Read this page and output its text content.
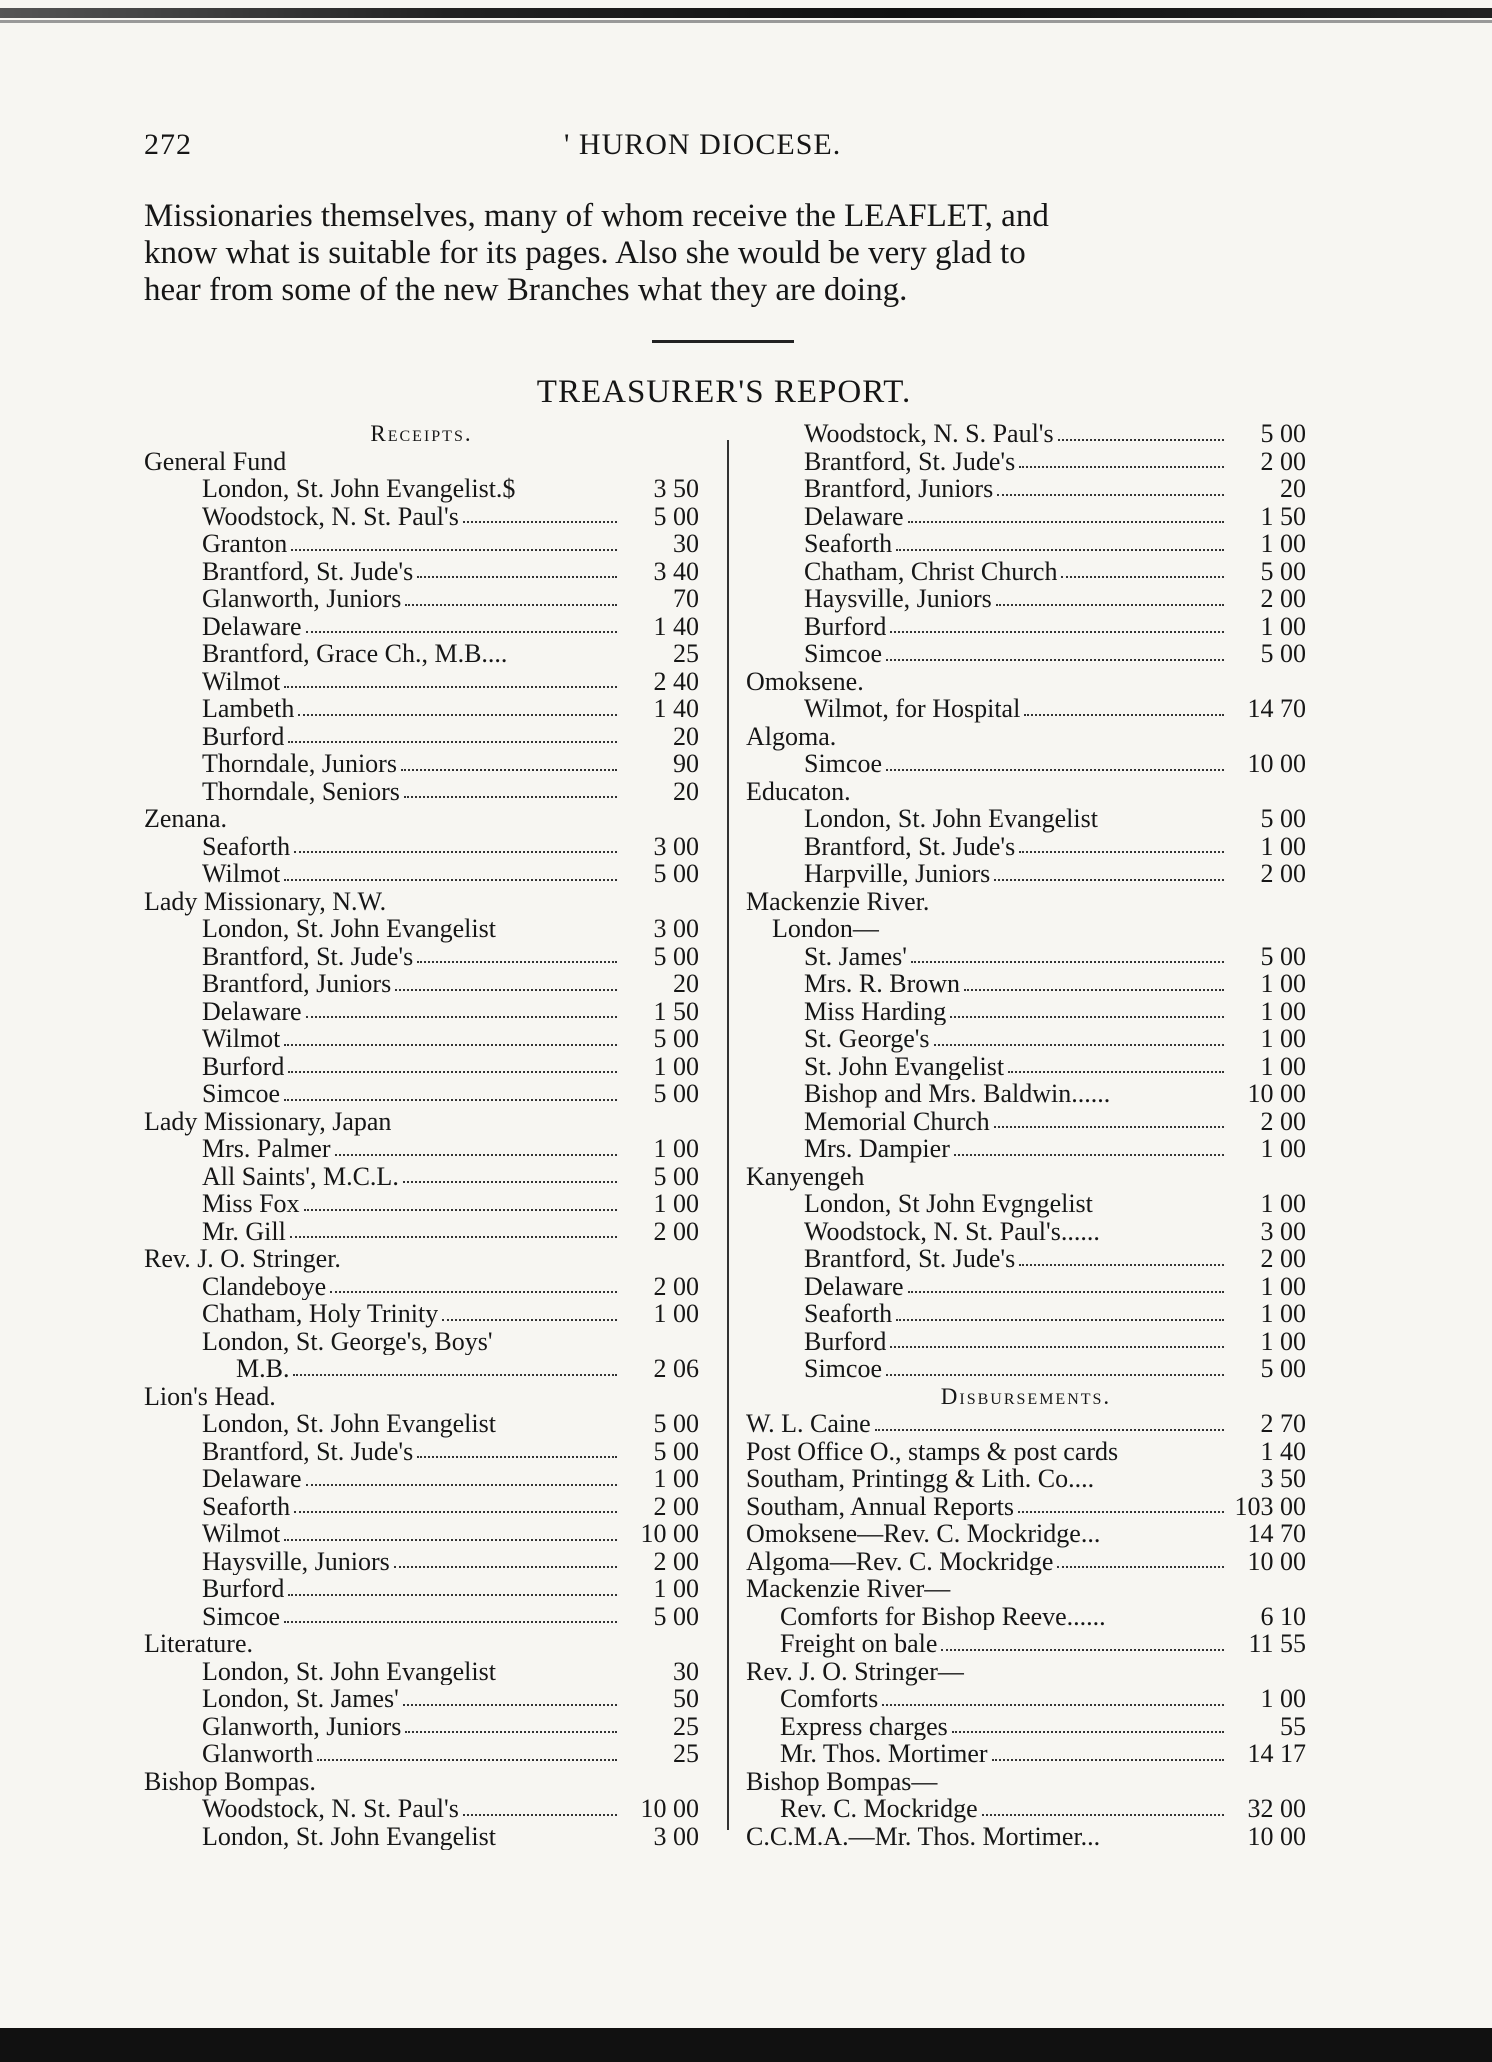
272	' HURON DIOCESE.

Missionaries themselves, many of whom receive the LEAFLET, and

know what is suitable for its pages. Also she would be very glad to

hear from some of the new Branches what they are doing.

TREASURER'S REPORT.
Receipts.
General Fund
London, St. John Evangelist.$	3 50
Woodstock, N. St. Paul's	5 00
Granton	30
Brantford, St. Jude's	3 40
Glanworth, Juniors	70
Delaware	1 40
Brantford, Grace Ch., M.B....	25
Wilmot	2 40
Lambeth	1 40
Burford	20
Thorndale, Juniors	90
Thorndale, Seniors	20
Zenana.
Seaforth	3 00
Wilmot	5 00
Lady Missionary, N.W.
London, St. John Evangelist	3 00
Brantford, St. Jude's	5 00
Brantford, Juniors	20
Delaware	1 50
Wilmot	5 00
Burford	1 00
Simcoe	5 00
Lady Missionary, Japan
Mrs. Palmer	1 00
All Saints', M.C.L.	5 00
Miss Fox	1 00
Mr. Gill	2 00
Rev. J. O. Stringer.
Clandeboye	2 00
Chatham, Holy Trinity	1 00
London, St. George's, Boys'
M.B.	2 06
Lion's Head.
London, St. John Evangelist	5 00
Brantford, St. Jude's	5 00
Delaware	1 00
Seaforth	2 00
Wilmot	10 00
Haysville, Juniors	2 00
Burford	1 00
Simcoe	5 00
Literature.
London, St. John Evangelist	30
London, St. James'	50
Glanworth, Juniors	25
Glanworth	25
Bishop Bompas.
Woodstock, N. St. Paul's	10 00
London, St. John Evangelist	3 00
Woodstock, N. S. Paul's	5 00
Brantford, St. Jude's	2 00
Brantford, Juniors	20
Delaware	1 50
Seaforth	1 00
Chatham, Christ Church	5 00
Haysville, Juniors	2 00
Burford	1 00
Simcoe	5 00
Omoksene.
Wilmot, for Hospital	14 70
Algoma.
Simcoe	10 00
Educaton.
London, St. John Evangelist	5 00
Brantford, St. Jude's	1 00
Harpville, Juniors	2 00
Mackenzie River.
London—
St. James'	5 00
Mrs. R. Brown	1 00
Miss Harding	1 00
St. George's	1 00
St. John Evangelist	1 00
Bishop and Mrs. Baldwin......	10 00
Memorial Church	2 00
Mrs. Dampier	1 00
Kanyengeh
London, St John Evgngelist	1 00
Woodstock, N. St. Paul's......	3 00
Brantford, St. Jude's	2 00
Delaware	1 00
Seaforth	1 00
Burford	1 00
Simcoe	5 00
Disbursements.
W. L. Caine	2 70
Post Office O., stamps & post cards	1 40
Southam, Printingg & Lith. Co....	3 50
Southam, Annual Reports	103 00
Omoksene—Rev. C. Mockridge...	14 70
Algoma—Rev. C. Mockridge	10 00
Mackenzie River—
Comforts for Bishop Reeve......	6 10
Freight on bale	11 55
Rev. J. O. Stringer—
Comforts	1 00
Express charges	55
Mr. Thos. Mortimer	14 17
Bishop Bompas—
Rev. C. Mockridge	32 00
C.C.M.A.—Mr. Thos. Mortimer...	10 00
